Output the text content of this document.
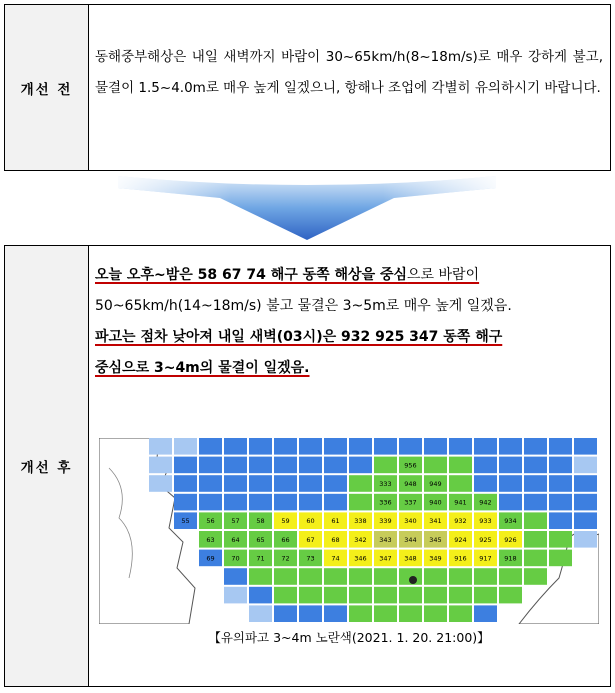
개선 전

동해중부해상은 내일 새벽까지 바람이 30~65km/h(8~18m/s)로 매우 강하게 불고, 물결이 1.5~4.0m로 매우 높게 일겠으니, 항해나 조업에 각별히 유의하시기 바랍니다.

개선 후
오늘 오후~밤은 58 67 74 해구 동쪽 해상을 중심으로 바람이
50~65km/h(14~18m/s) 불고 물결은 3~5m로 매우 높게 일겠음.
파고는 점차 낮아져 내일 새벽(03시)은 932 925 347 동쪽 해구
중심으로 3~4m의 물결이 일겠음.
956
333 948 949
336 337 940 941 942
55	56	57	58	59	60	61 338 339 340 341 932 933 934
63	64	65	66	67	68 342 343 344 345 924 925 926
69	70	71	72	73	74 346 347 348 349 916 917 918
【유의파고 3~4m 노란색(2021. 1. 20. 21:00)】
